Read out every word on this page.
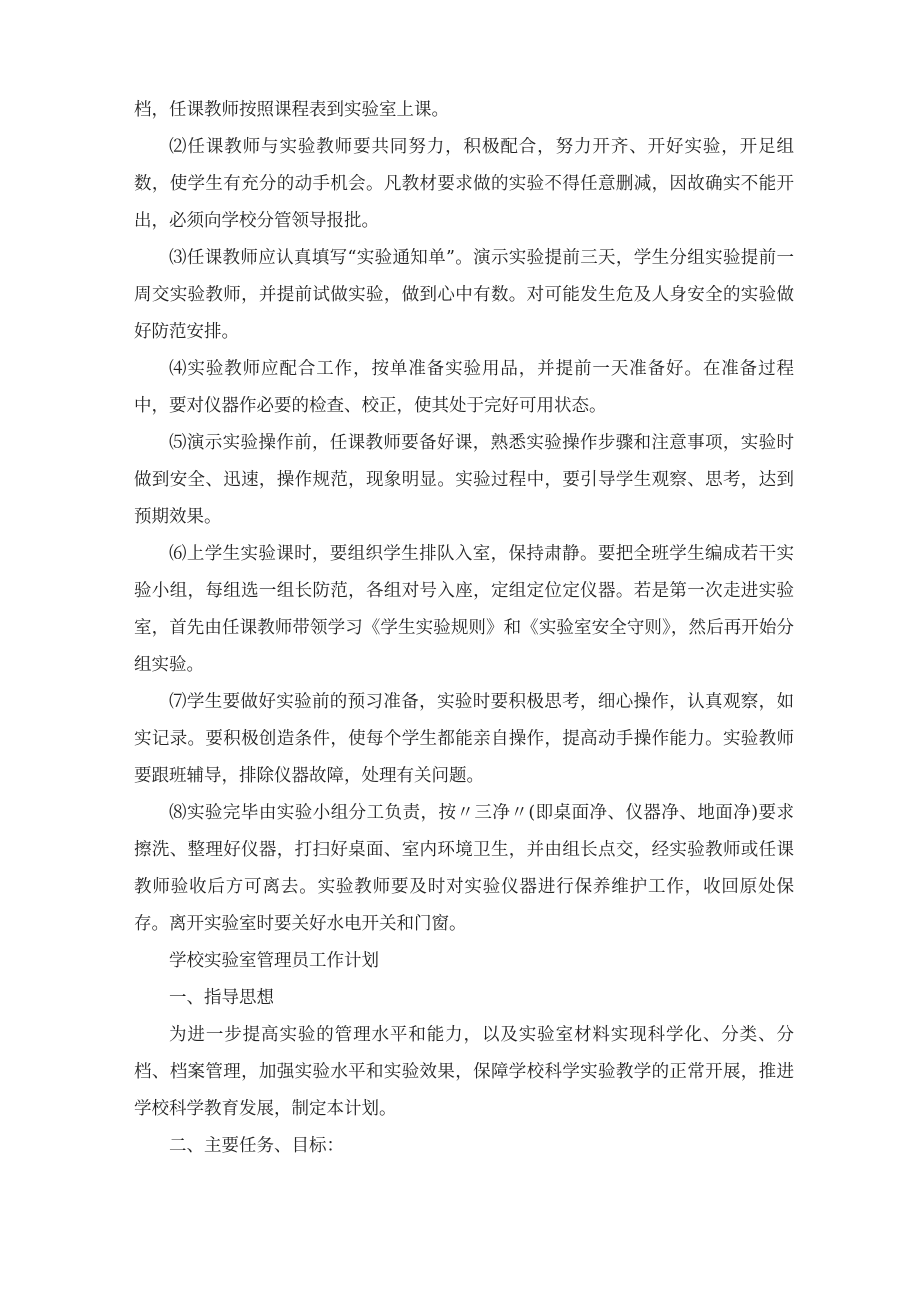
档，任课教师按照课程表到实验室上课。

⑵任课教师与实验教师要共同努力，积极配合，努力开齐、开好实验，开足组数，使学生有充分的动手机会。凡教材要求做的实验不得任意删减，因故确实不能开出，必须向学校分管领导报批。

⑶任课教师应认真填写“实验通知单”。演示实验提前三天，学生分组实验提前一周交实验教师，并提前试做实验，做到心中有数。对可能发生危及人身安全的实验做好防范安排。

⑷实验教师应配合工作，按单准备实验用品，并提前一天准备好。在准备过程中，要对仪器作必要的检查、校正，使其处于完好可用状态。

⑸演示实验操作前，任课教师要备好课，熟悉实验操作步骤和注意事项，实验时做到安全、迅速，操作规范，现象明显。实验过程中，要引导学生观察、思考，达到预期效果。

⑹上学生实验课时，要组织学生排队入室，保持肃静。要把全班学生编成若干实验小组，每组选一组长防范，各组对号入座，定组定位定仪器。若是第一次走进实验室，首先由任课教师带领学习《学生实验规则》和《实验室安全守则》，然后再开始分组实验。

⑺学生要做好实验前的预习准备，实验时要积极思考，细心操作，认真观察，如实记录。要积极创造条件，使每个学生都能亲自操作，提高动手操作能力。实验教师要跟班辅导，排除仪器故障，处理有关问题。

⑻实验完毕由实验小组分工负责，按〃三净〃(即桌面净、仪器净、地面净)要求擦洗、整理好仪器，打扫好桌面、室内环境卫生，并由组长点交，经实验教师或任课教师验收后方可离去。实验教师要及时对实验仪器进行保养维护工作，收回原处保存。离开实验室时要关好水电开关和门窗。

学校实验室管理员工作计划

一、指导思想

为进一步提高实验的管理水平和能力，以及实验室材料实现科学化、分类、分档、档案管理，加强实验水平和实验效果，保障学校科学实验教学的正常开展，推进学校科学教育发展，制定本计划。

二、主要任务、目标：
